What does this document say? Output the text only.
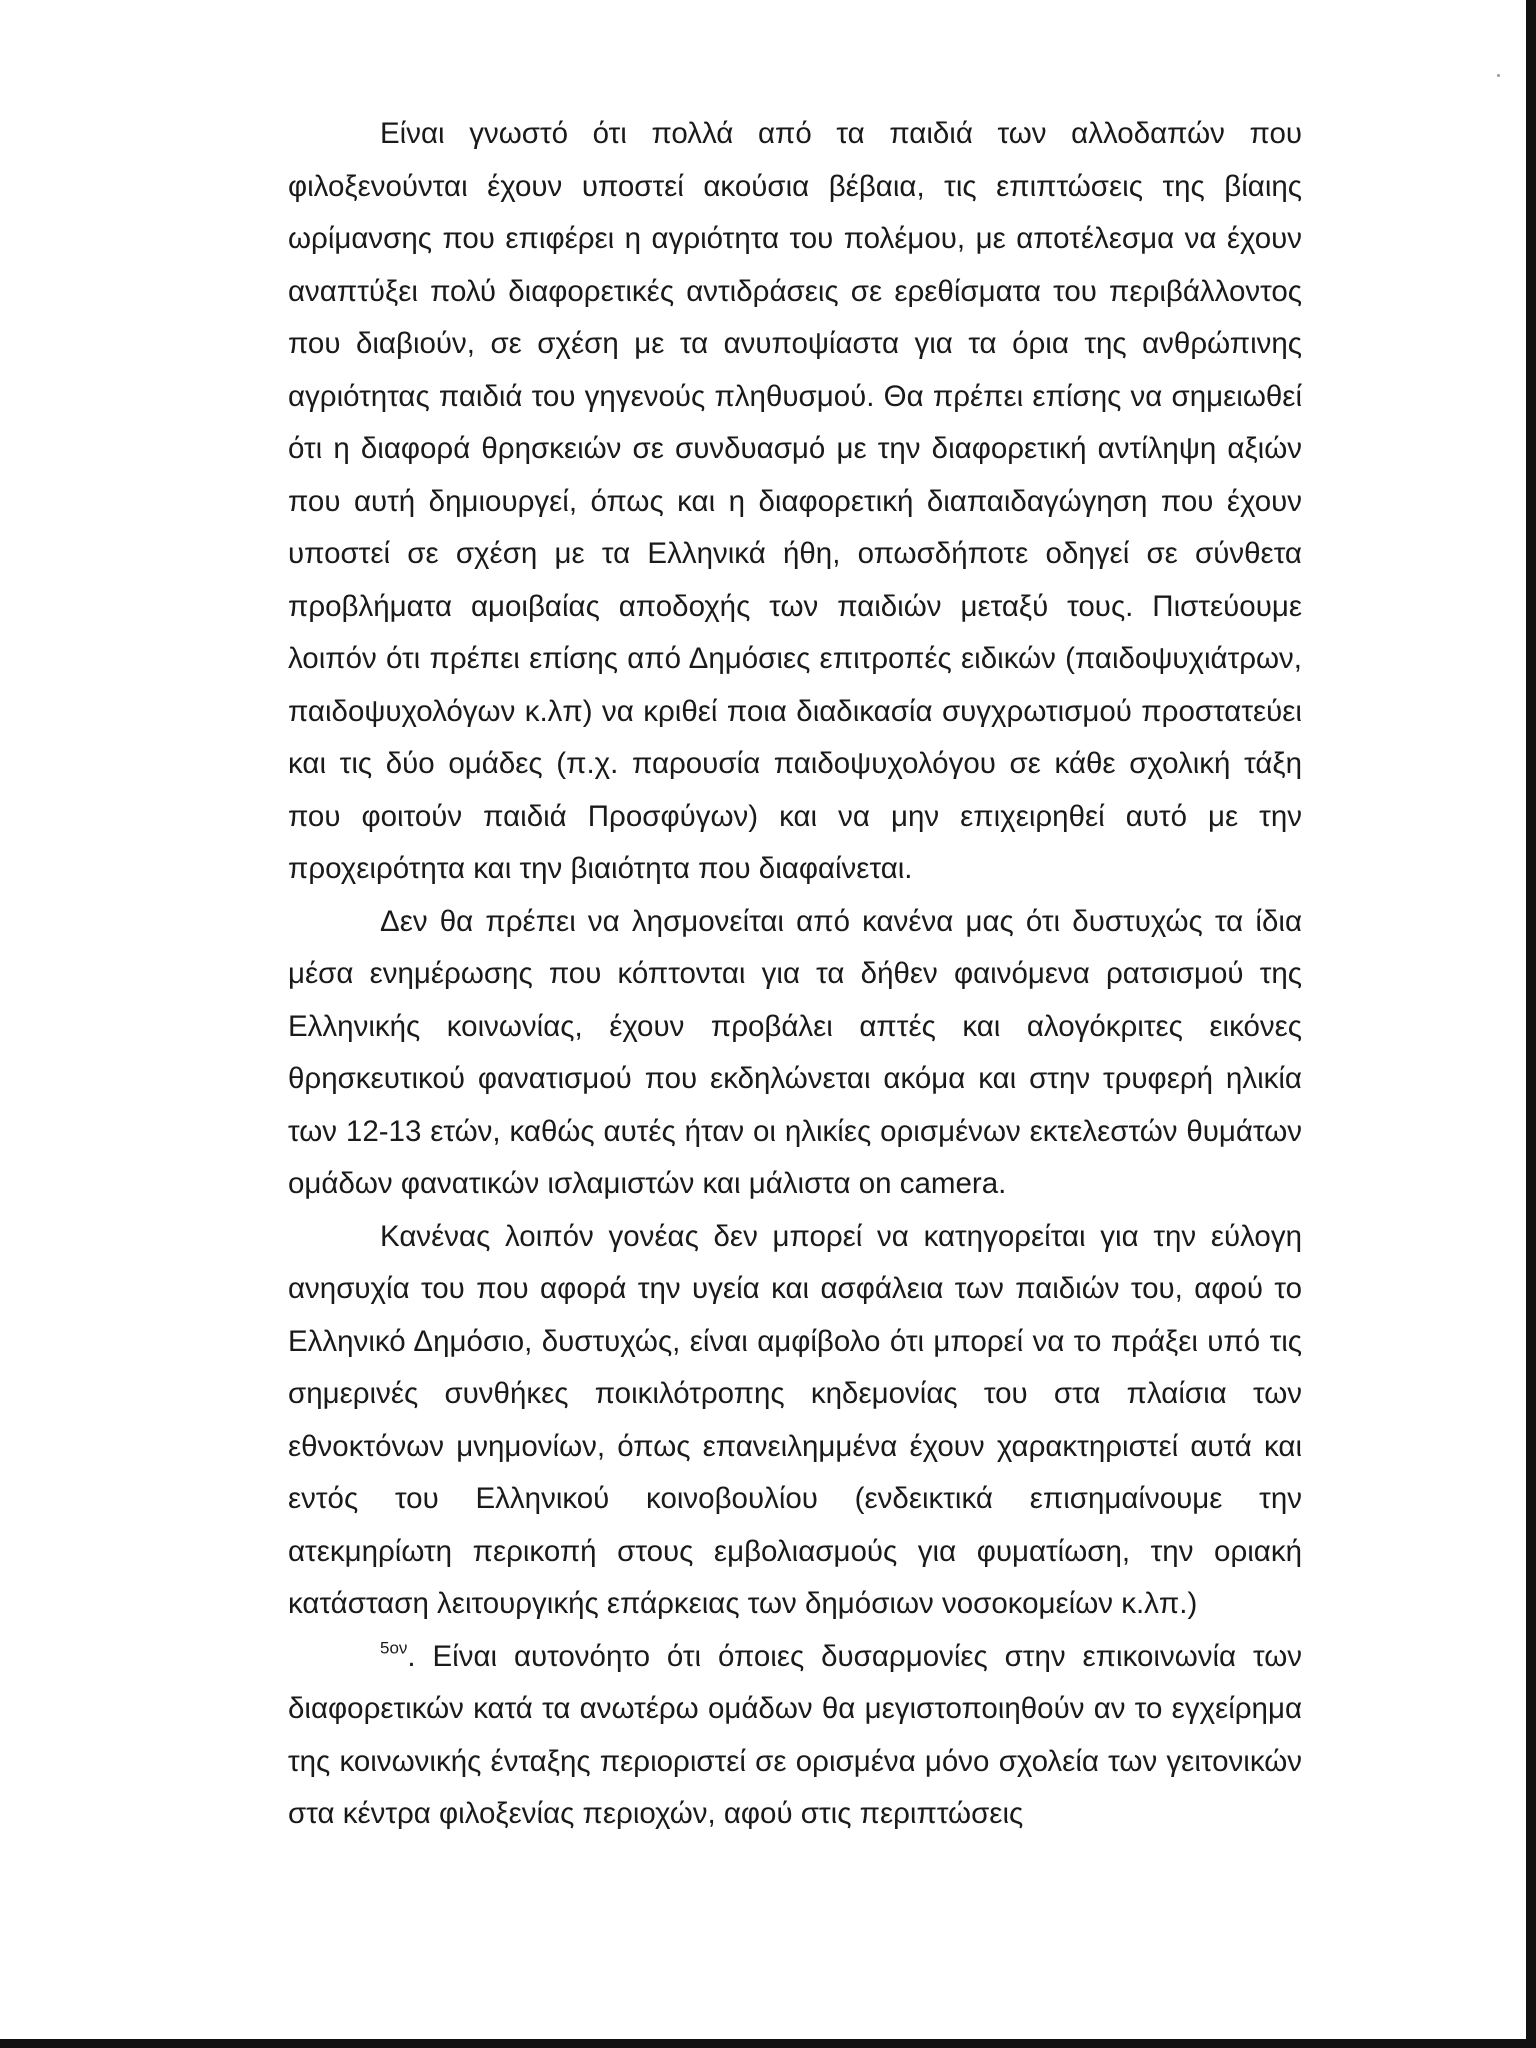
Είναι γνωστό ότι πολλά από τα παιδιά των αλλοδαπών που φιλοξενούνται έχουν υποστεί ακούσια βέβαια, τις επιπτώσεις της βίαιης ωρίμανσης που επιφέρει η αγριότητα του πολέμου, με αποτέλεσμα να έχουν αναπτύξει πολύ διαφορετικές αντιδράσεις σε ερεθίσματα του περιβάλλοντος που διαβιούν, σε σχέση με τα ανυποψίαστα για τα όρια της ανθρώπινης αγριότητας παιδιά του γηγενούς πληθυσμού. Θα πρέπει επίσης να σημειωθεί ότι η διαφορά θρησκειών σε συνδυασμό με την διαφορετική αντίληψη αξιών που αυτή δημιουργεί, όπως και η διαφορετική διαπαιδαγώγηση που έχουν υποστεί σε σχέση με τα Ελληνικά ήθη, οπωσδήποτε οδηγεί σε σύνθετα προβλήματα αμοιβαίας αποδοχής των παιδιών μεταξύ τους. Πιστεύουμε λοιπόν ότι πρέπει επίσης από Δημόσιες επιτροπές ειδικών (παιδοψυχιάτρων, παιδοψυχολόγων κ.λπ) να κριθεί ποια διαδικασία συγχρωτισμού προστατεύει και τις δύο ομάδες (π.χ. παρουσία παιδοψυχολόγου σε κάθε σχολική τάξη που φοιτούν παιδιά Προσφύγων) και να μην επιχειρηθεί αυτό με την προχειρότητα και την βιαιότητα που διαφαίνεται.

Δεν θα πρέπει να λησμονείται από κανένα μας ότι δυστυχώς τα ίδια μέσα ενημέρωσης που κόπτονται για τα δήθεν φαινόμενα ρατσισμού της Ελληνικής κοινωνίας, έχουν προβάλει απτές και αλογόκριτες εικόνες θρησκευτικού φανατισμού που εκδηλώνεται ακόμα και στην τρυφερή ηλικία των 12-13 ετών, καθώς αυτές ήταν οι ηλικίες ορισμένων εκτελεστών θυμάτων ομάδων φανατικών ισλαμιστών και μάλιστα on camera.

Κανένας λοιπόν γονέας δεν μπορεί να κατηγορείται για την εύλογη ανησυχία του που αφορά την υγεία και ασφάλεια των παιδιών του, αφού το Ελληνικό Δημόσιο, δυστυχώς, είναι αμφίβολο ότι μπορεί να το πράξει υπό τις σημερινές συνθήκες ποικιλότροπης κηδεμονίας του στα πλαίσια των εθνοκτόνων μνημονίων, όπως επανειλημμένα έχουν χαρακτηριστεί αυτά και εντός του Ελληνικού κοινοβουλίου (ενδεικτικά επισημαίνουμε την ατεκμηρίωτη περικοπή στους εμβολιασμούς για φυματίωση, την οριακή κατάσταση λειτουργικής επάρκειας των δημόσιων νοσοκομείων κ.λπ.)

$^{5o\nu}$. Είναι αυτονόητο ότι όποιες δυσαρμονίες στην επικοινωνία των διαφορετικών κατά τα ανωτέρω ομάδων θα μεγιστοποιηθούν αν το εγχείρημα της κοινωνικής ένταξης περιοριστεί σε ορισμένα μόνο σχολεία των γειτονικών στα κέντρα φιλοξενίας περιοχών, αφού στις περιπτώσεις
